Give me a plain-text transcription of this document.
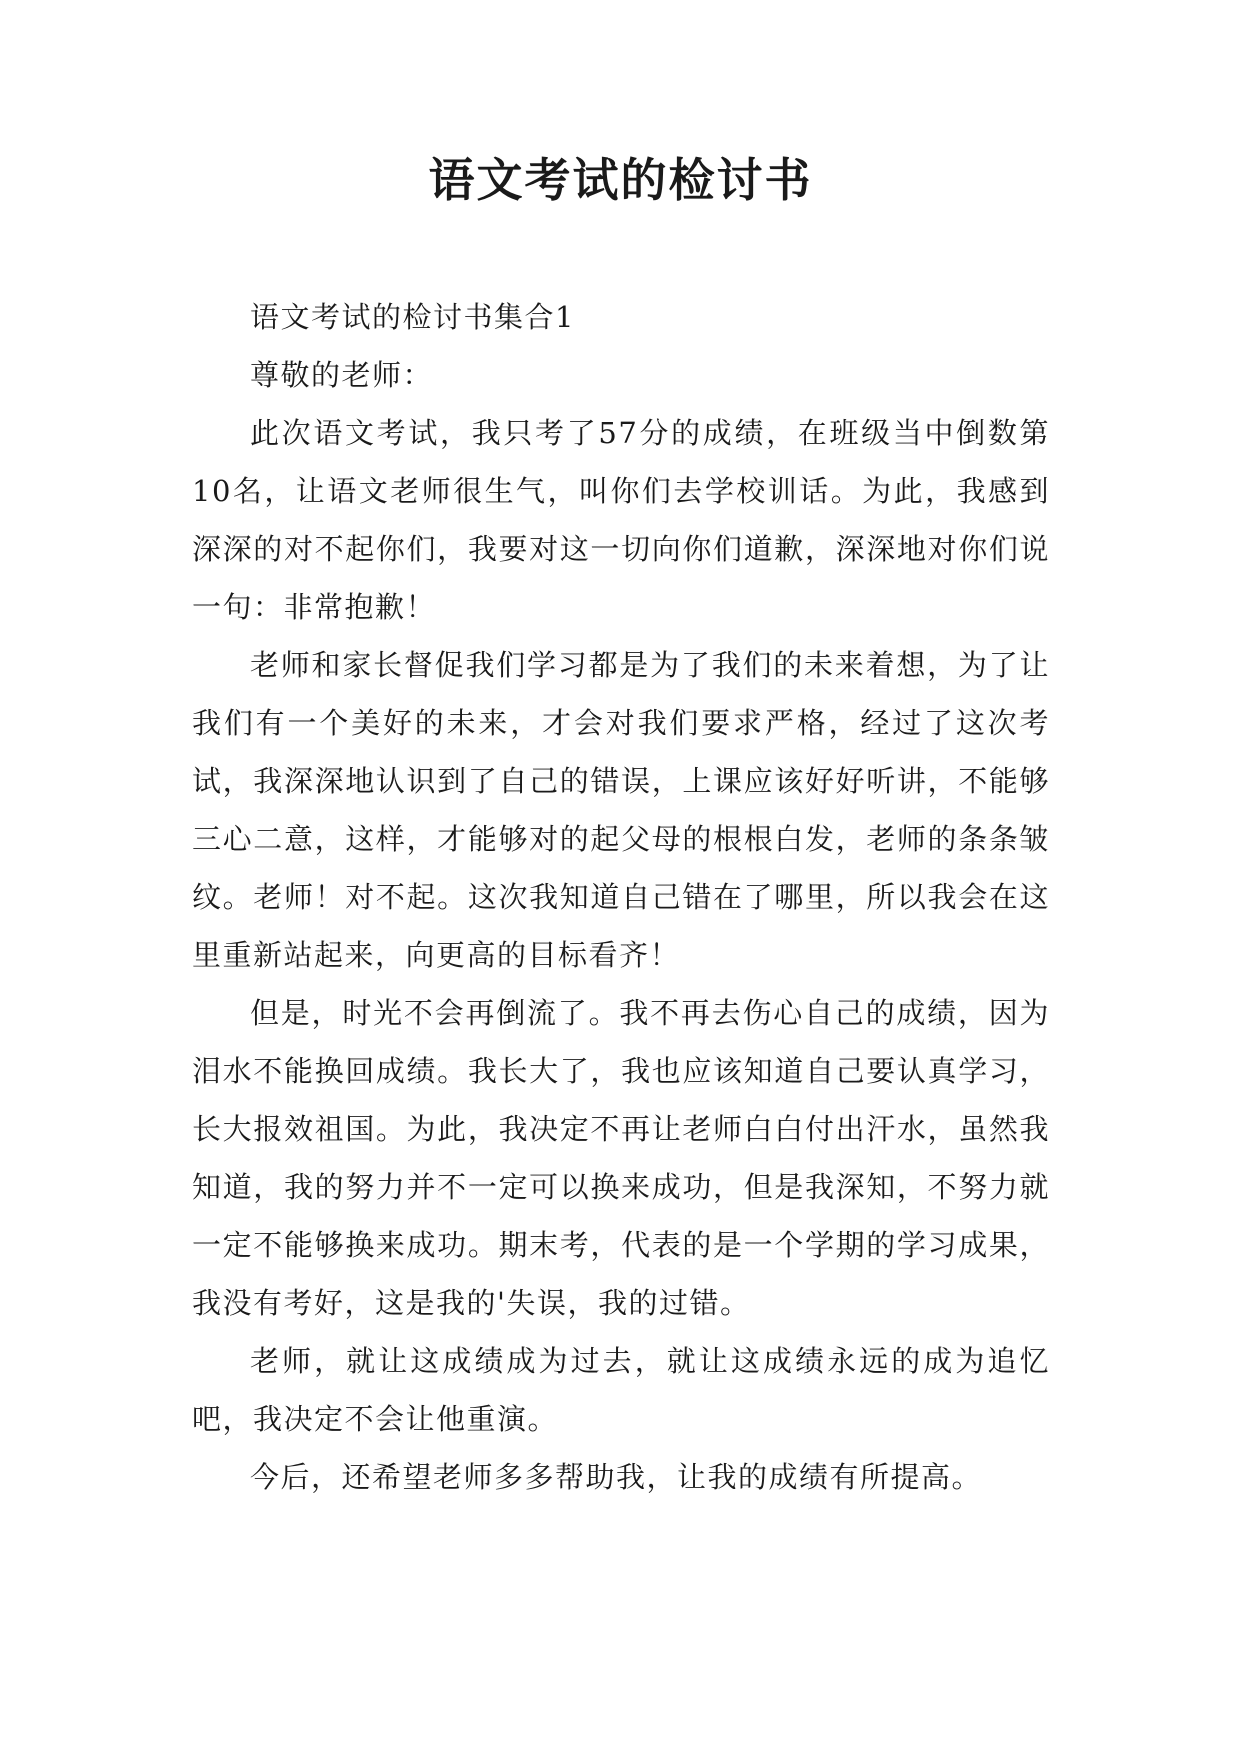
语文考试的检讨书

语文考试的检讨书集合1

尊敬的老师：

此次语文考试，我只考了57分的成绩，在班级当中倒数第10名，让语文老师很生气，叫你们去学校训话。为此，我感到深深的对不起你们，我要对这一切向你们道歉，深深地对你们说一句：非常抱歉！

老师和家长督促我们学习都是为了我们的未来着想，为了让我们有一个美好的未来，才会对我们要求严格，经过了这次考试，我深深地认识到了自己的错误，上课应该好好听讲，不能够三心二意，这样，才能够对的起父母的根根白发，老师的条条皱纹。老师！对不起。这次我知道自己错在了哪里，所以我会在这里重新站起来，向更高的目标看齐！

但是，时光不会再倒流了。我不再去伤心自己的成绩，因为泪水不能换回成绩。我长大了，我也应该知道自己要认真学习，长大报效祖国。为此，我决定不再让老师白白付出汗水，虽然我知道，我的努力并不一定可以换来成功，但是我深知，不努力就一定不能够换来成功。期末考，代表的是一个学期的学习成果，我没有考好，这是我的'失误，我的过错。

老师，就让这成绩成为过去，就让这成绩永远的成为追忆吧，我决定不会让他重演。

今后，还希望老师多多帮助我，让我的成绩有所提高。
